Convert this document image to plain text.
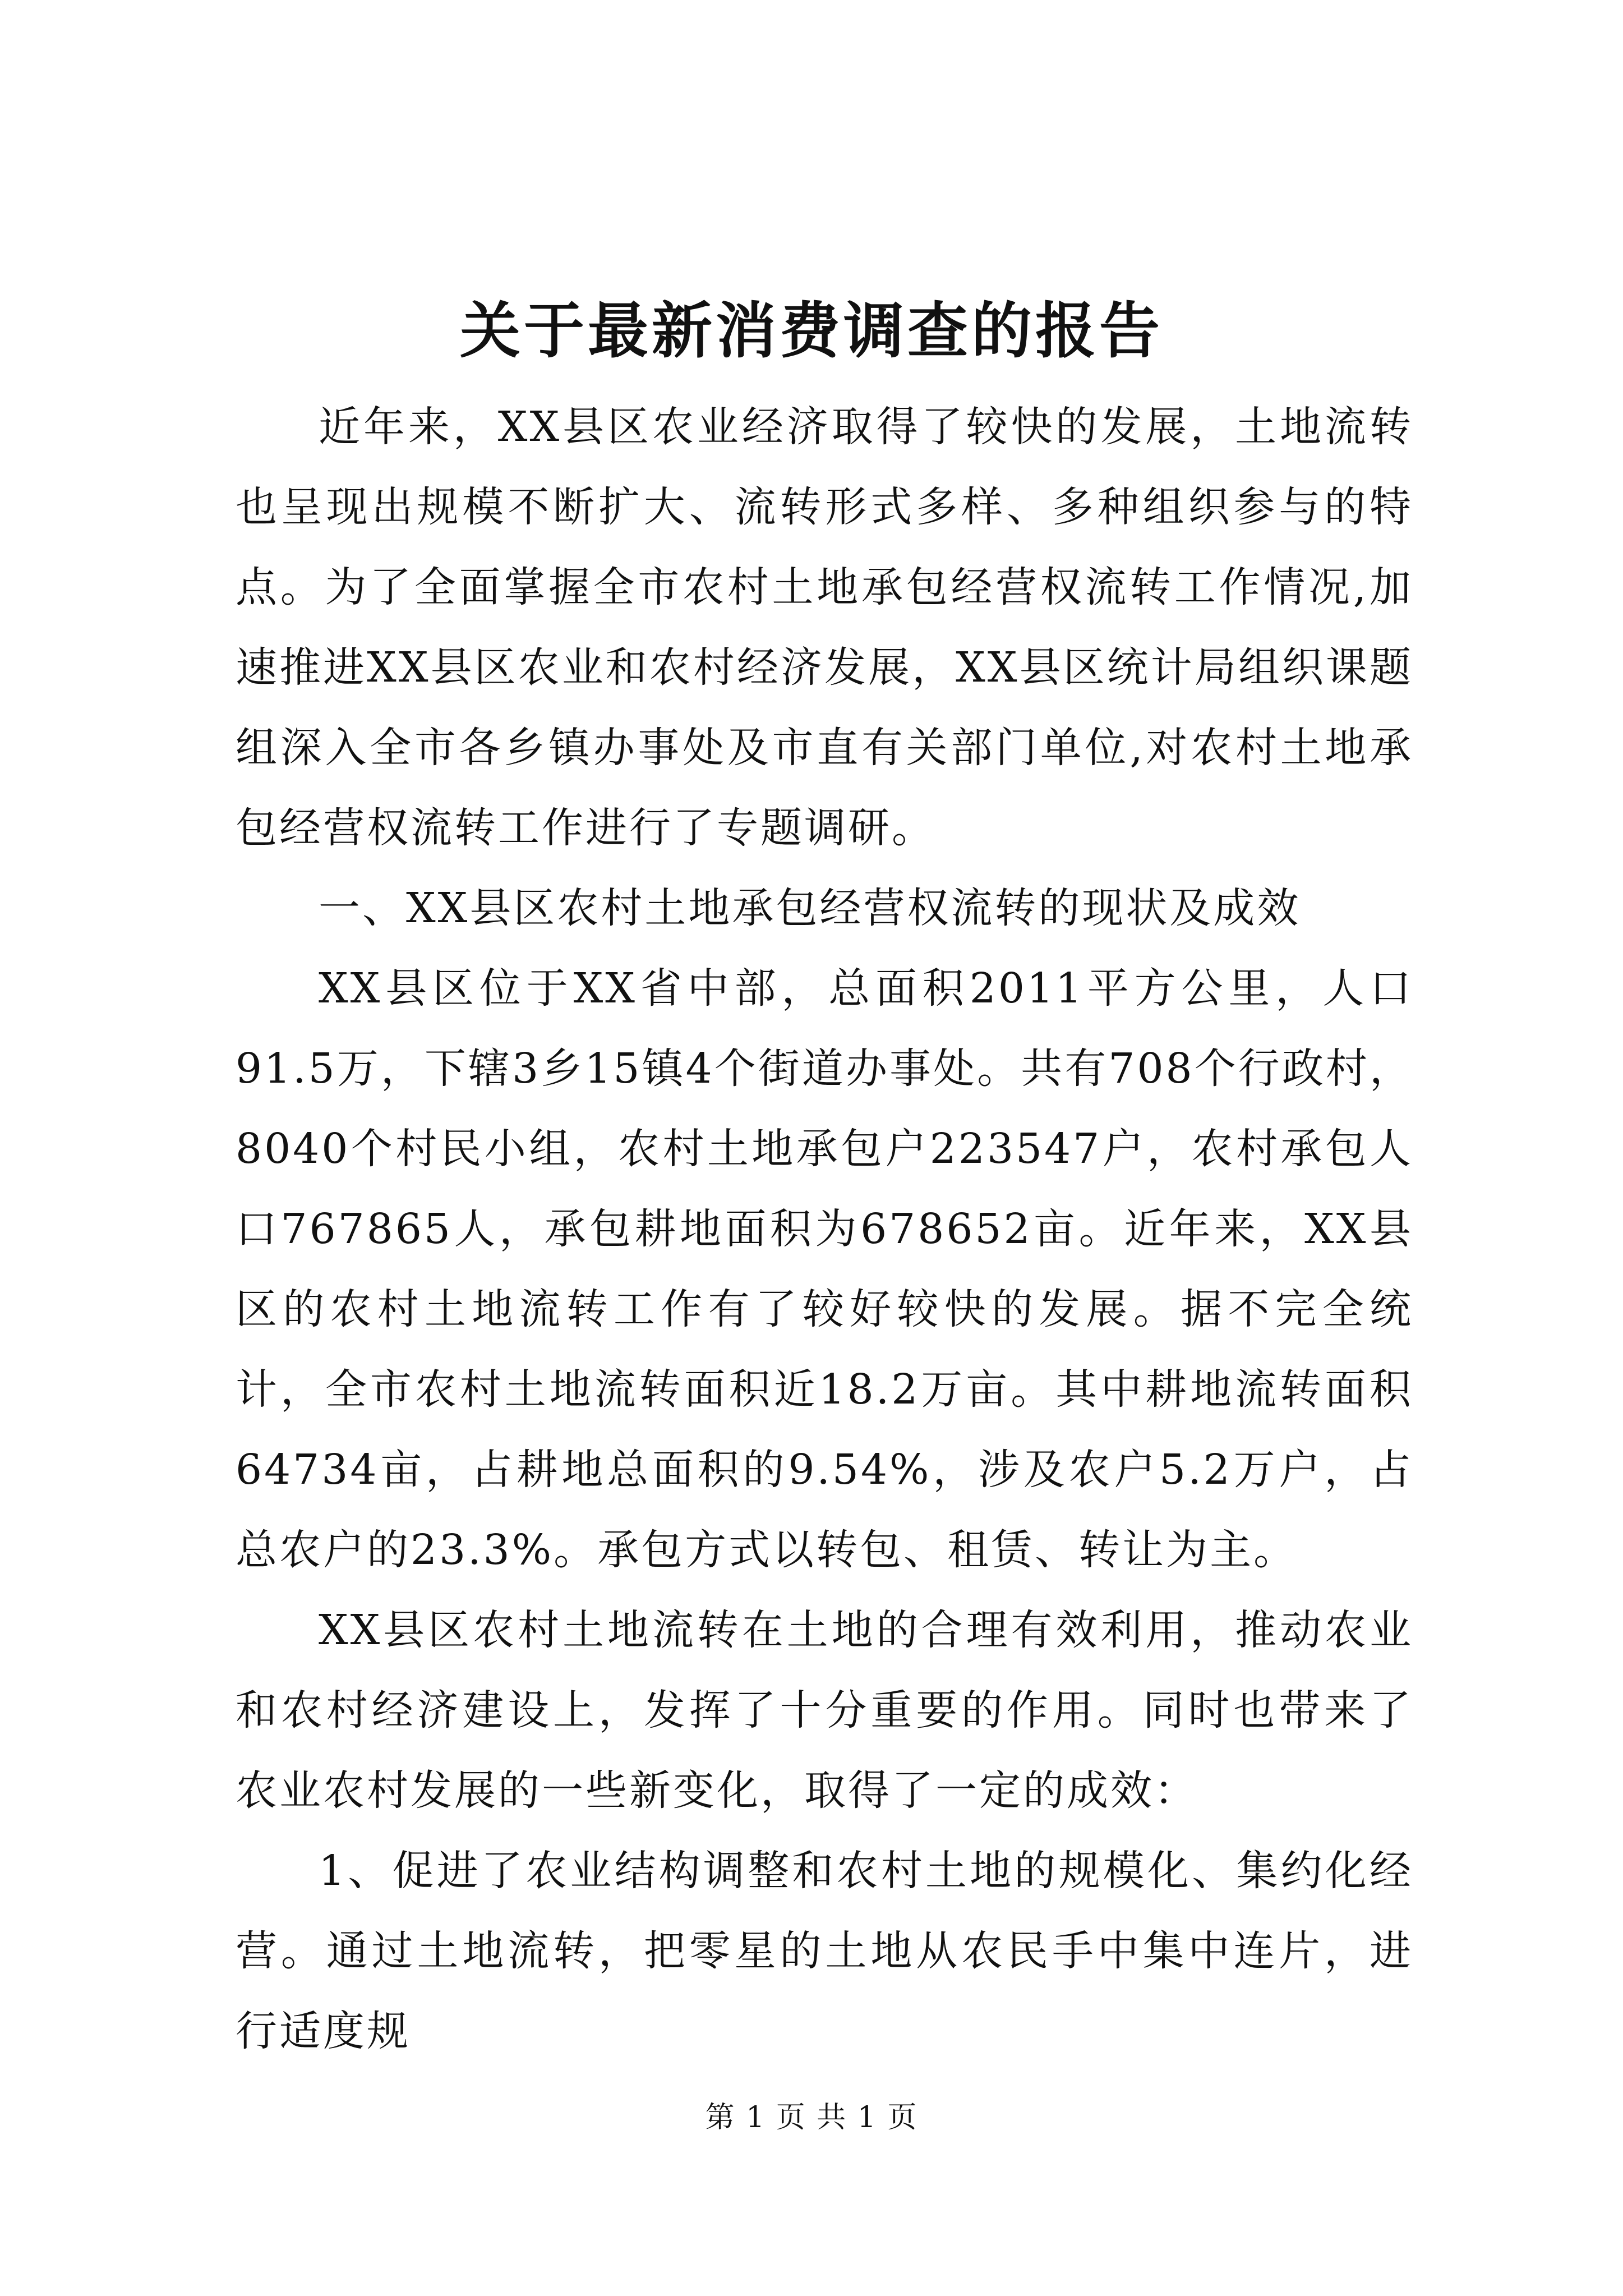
关于最新消费调查的报告

近年来，XX县区农业经济取得了较快的发展，土地流转也呈现出规模不断扩大、流转形式多样、多种组织参与的特点。为了全面掌握全市农村土地承包经营权流转工作情况,加速推进XX县区农业和农村经济发展，XX县区统计局组织课题组深入全市各乡镇办事处及市直有关部门单位,对农村土地承包经营权流转工作进行了专题调研。

一、XX县区农村土地承包经营权流转的现状及成效

XX县区位于XX省中部，总面积2011平方公里，人口91.5万，下辖3乡15镇4个街道办事处。共有708个行政村，8040个村民小组，农村土地承包户223547户，农村承包人口767865人，承包耕地面积为678652亩。近年来，XX县区的农村土地流转工作有了较好较快的发展。据不完全统计，全市农村土地流转面积近18.2万亩。其中耕地流转面积64734亩，占耕地总面积的9.54%，涉及农户5.2万户，占总农户的23.3%。承包方式以转包、租赁、转让为主。

XX县区农村土地流转在土地的合理有效利用，推动农业和农村经济建设上，发挥了十分重要的作用。同时也带来了农业农村发展的一些新变化，取得了一定的成效：

1、促进了农业结构调整和农村土地的规模化、集约化经营。通过土地流转，把零星的土地从农民手中集中连片，进行适度规

第 1 页 共 1 页
